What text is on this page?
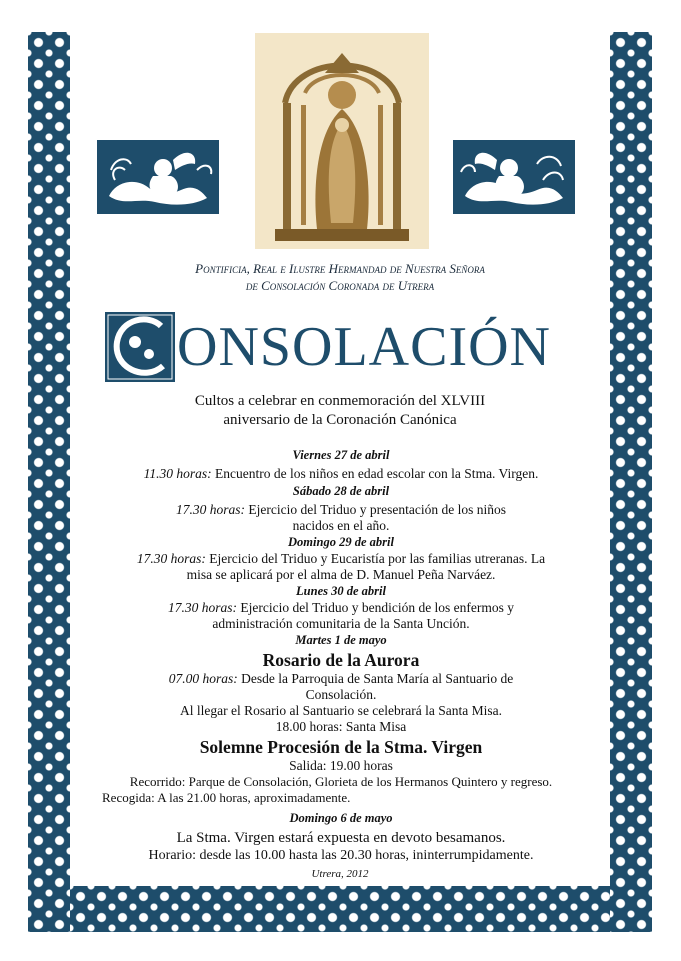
Pontificia, Real e Ilustre Hermandad de Nuestra Señora
de Consolación Coronada de Utrera
ONSOLACIÓN
Cultos a celebrar en conmemoración del XLVIII
aniversario de la Coronación Canónica

Viernes 27 de abril

11.30 horas: Encuentro de los niños en edad escolar con la Stma. Virgen.

Sábado 28 de abril

17.30 horas: Ejercicio del Triduo y presentación de los niños

nacidos en el año.

Domingo 29 de abril

17.30 horas: Ejercicio del Triduo y Eucaristía por las familias utreranas. La

misa se aplicará por el alma de D. Manuel Peña Narváez.

Lunes 30 de abril

17.30 horas: Ejercicio del Triduo y bendición de los enfermos y

administración comunitaria de la Santa Unción.

Martes 1 de mayo

Rosario de la Aurora

07.00 horas: Desde la Parroquia de Santa María al Santuario de

Consolación.

Al llegar el Rosario al Santuario se celebrará la Santa Misa.

18.00 horas: Santa Misa

Solemne Procesión de la Stma. Virgen

Salida: 19.00 horas

Recorrido: Parque de Consolación, Glorieta de los Hermanos Quintero y regreso.

Recogida: A las 21.00 horas, aproximadamente.

Domingo 6 de mayo

La Stma. Virgen estará expuesta en devoto besamanos.

Horario: desde las 10.00 hasta las 20.30 horas, ininterrumpidamente.

Utrera, 2012
